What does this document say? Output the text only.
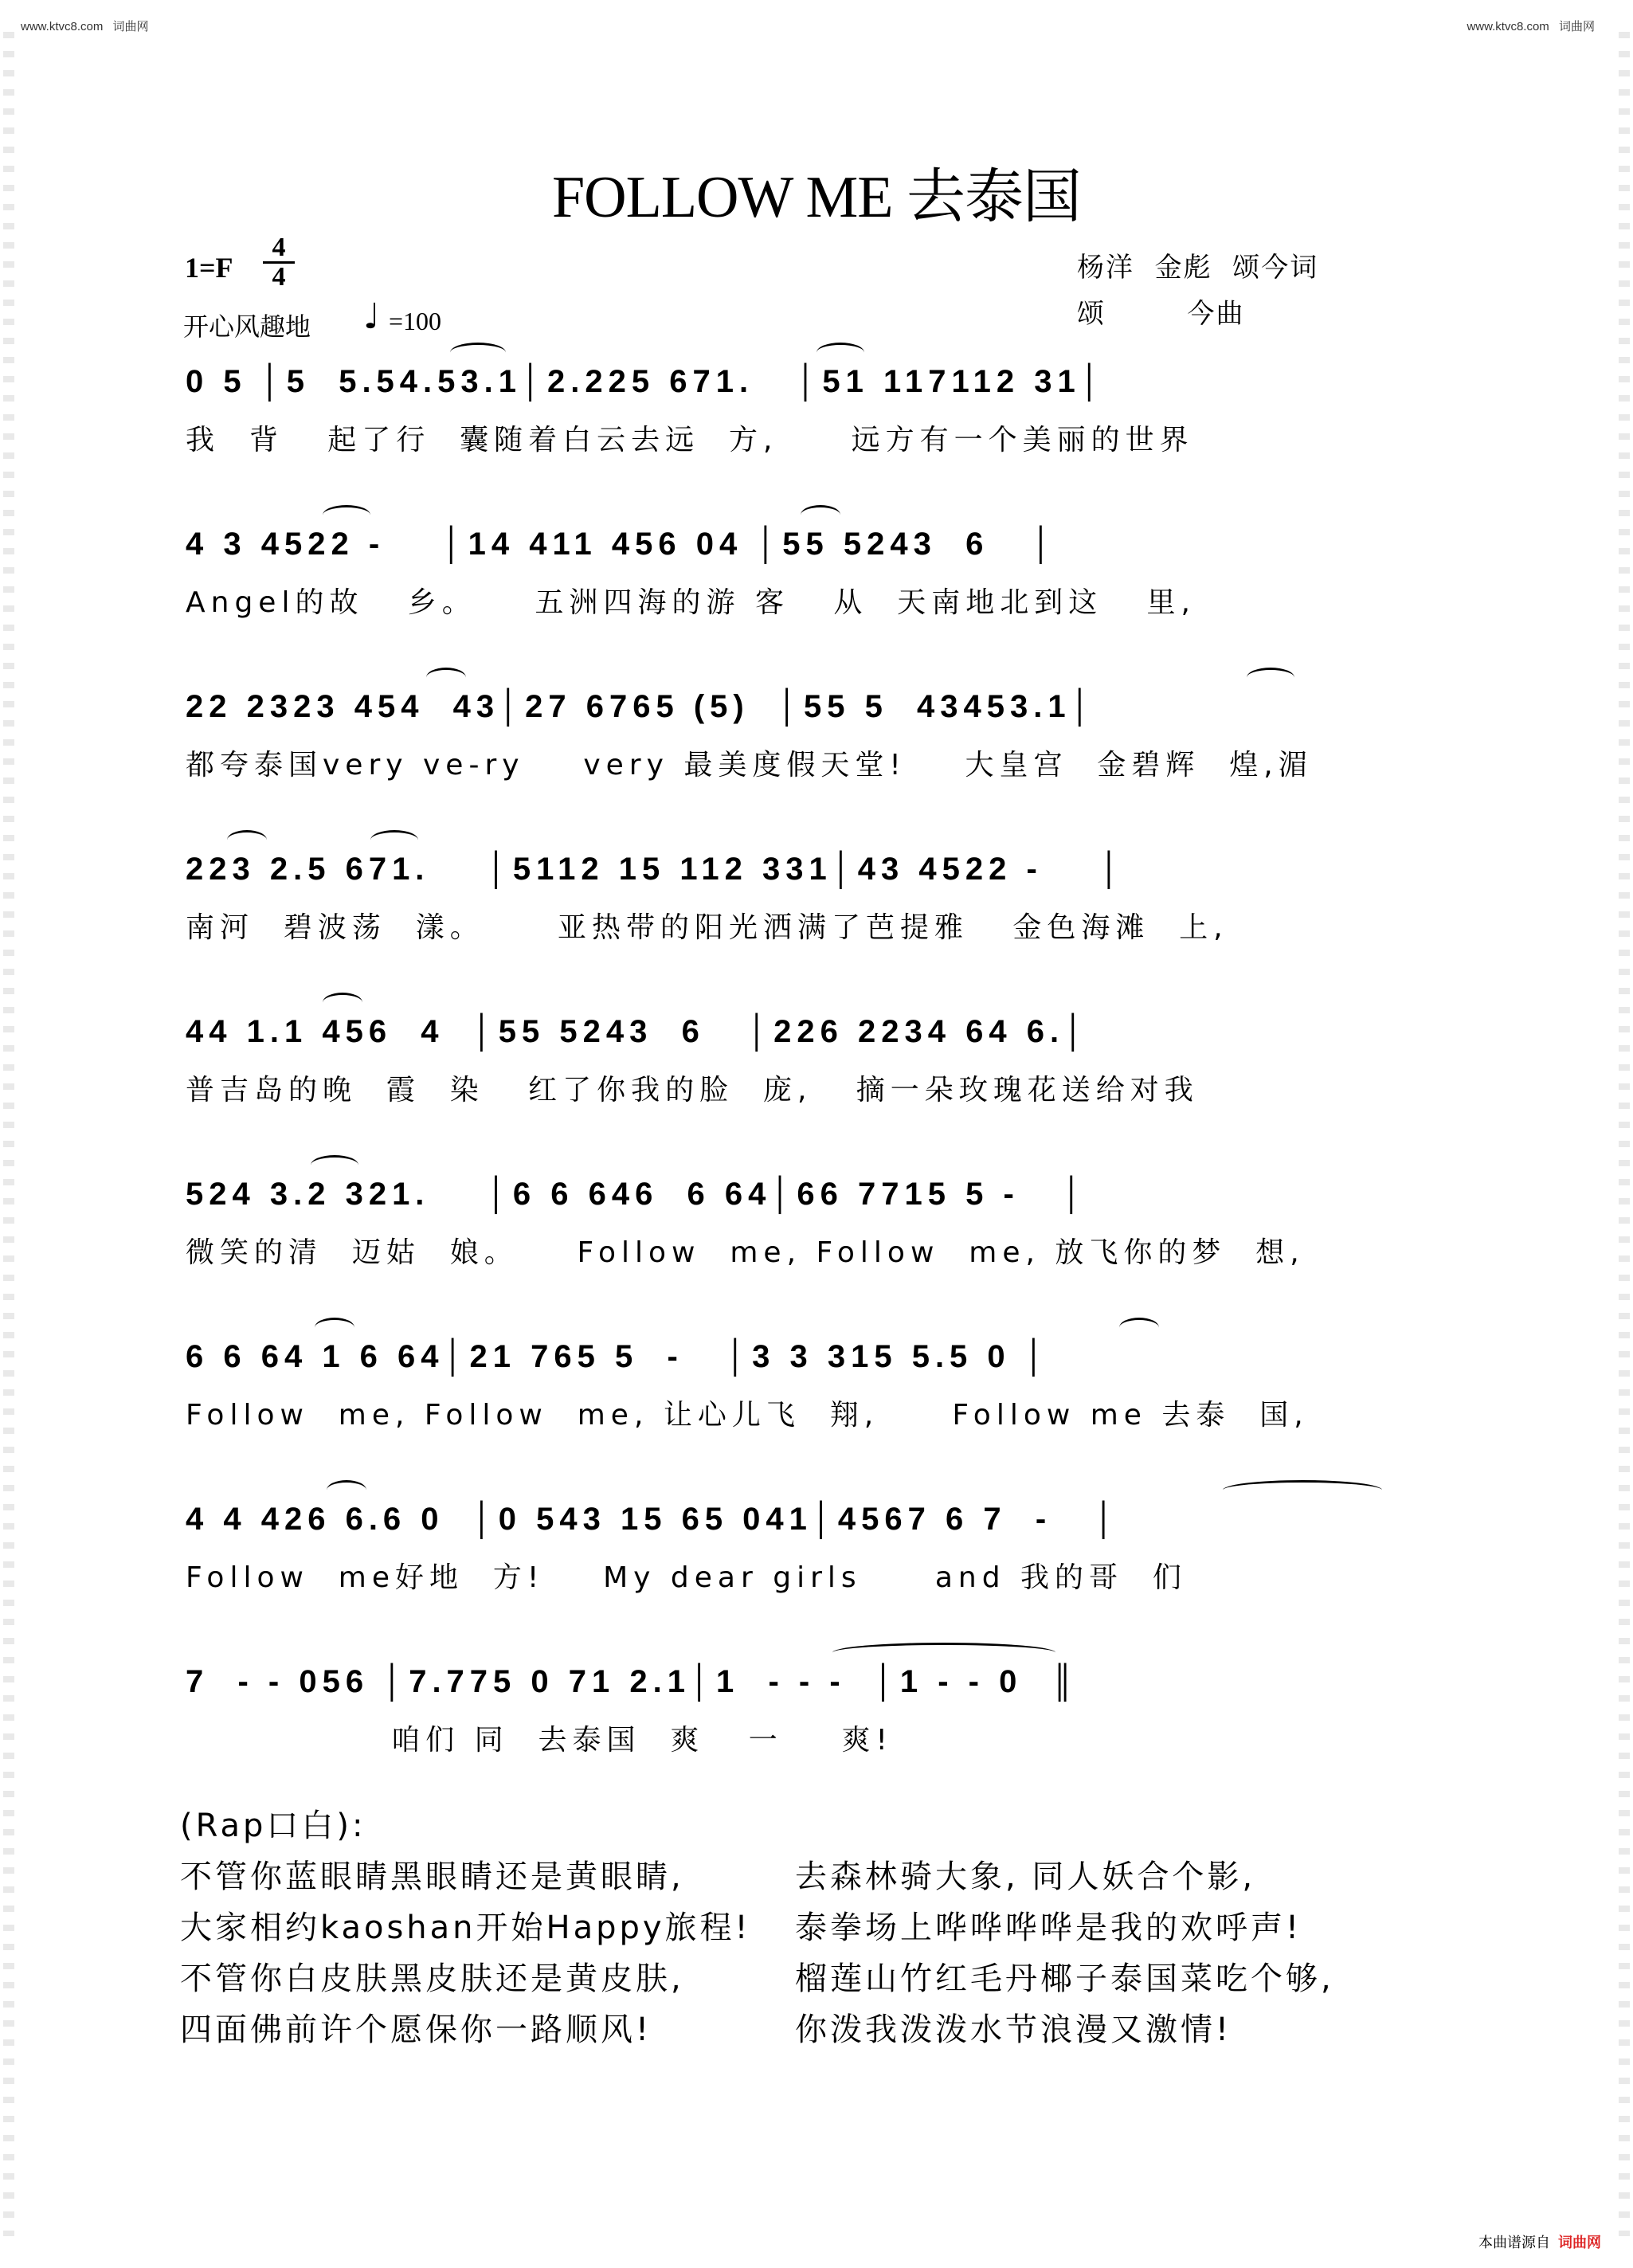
www.ktvc8.com 词曲网	www.ktvc8.com 词曲网
FOLLOW ME 去泰国
1=F
4
4
开心风趣地 ♩ =100
杨洋  金彪  颂今词
颂        今曲
0 5 │5  5.54.53.1│2.225 671.   │51 117112 31│
我  背   起了行  囊随着白云去远  方,     远方有一个美丽的世界
4 3 4522 -    │14 411 456 04 │55 5243  6   │
Angel的故   乡。    五洲四海的游 客   从  天南地北到这   里,
22 2323 454  43│27 6765 (5)  │55 5  43453.1│
都夸泰国very ve-ry    very 最美度假天堂!    大皇宫  金碧辉  煌,湄
223 2.5 671.    │5112 15 112 331│43 4522 -    │
南河  碧波荡  漾。     亚热带的阳光洒满了芭提雅   金色海滩  上,
44 1.1 456  4  │55 5243  6   │226 2234 64 6.│
普吉岛的晚  霞  染   红了你我的脸  庞,   摘一朵玫瑰花送给对我
524 3.2 321.    │6 6 646  6 64│66 7715 5 -   │
微笑的清  迈姑  娘。    Follow  me, Follow  me, 放飞你的梦  想,
6 6 64 1 6 64│21 765 5  -   │3 3 315 5.5 0 │
Follow  me, Follow  me, 让心儿飞  翔,     Follow me 去泰  国,
4 4 426 6.6 0  │0 543 15 65 041│4567 6 7  -   │
Follow  me好地  方!    My dear girls     and 我的哥  们
7  - - 056 │7.775 0 71 2.1│1  - - -  │1 - - 0  ║
咱们 同  去泰国  爽   一    爽!
(Rap口白):
不管你蓝眼睛黑眼睛还是黄眼睛,
大家相约kaoshan开始Happy旅程!
不管你白皮肤黑皮肤还是黄皮肤,
四面佛前许个愿保你一路顺风!
去森林骑大象, 同人妖合个影,
泰拳场上哗哗哗哗是我的欢呼声!
榴莲山竹红毛丹椰子泰国菜吃个够,
你泼我泼泼水节浪漫又激情!
本曲谱源自 词曲网
